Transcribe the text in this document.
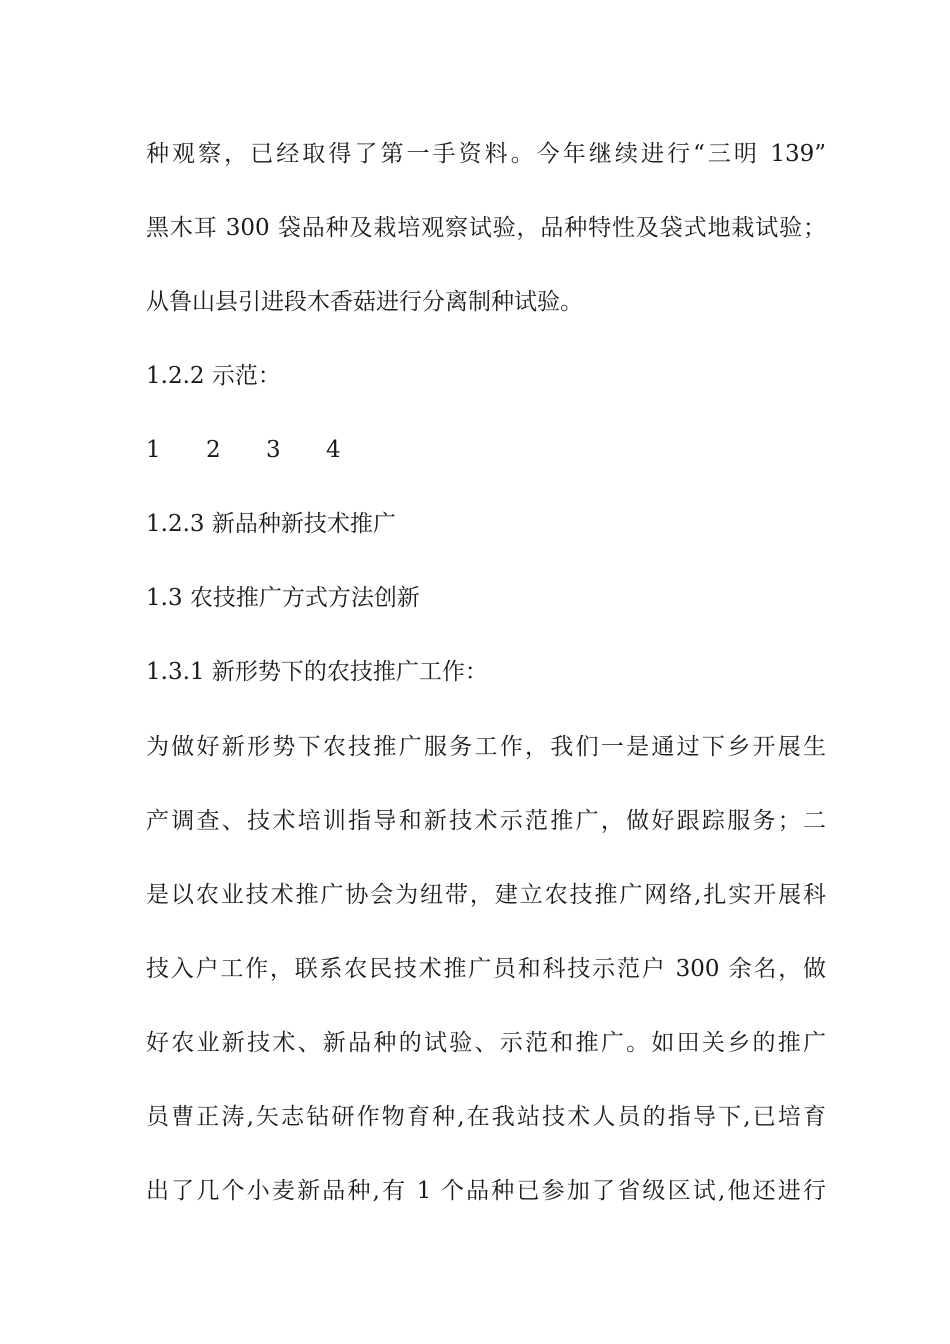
种观察，已经取得了第一手资料。今年继续进行“三明 139”
黑木耳 300 袋品种及栽培观察试验，品种特性及袋式地栽试验；
从鲁山县引进段木香菇进行分离制种试验。
1.2.2 示范：
1 2 3 4
1.2.3 新品种新技术推广
1.3 农技推广方式方法创新
1.3.1 新形势下的农技推广工作：
为做好新形势下农技推广服务工作，我们一是通过下乡开展生
产调查、技术培训指导和新技术示范推广，做好跟踪服务；二
是以农业技术推广协会为纽带，建立农技推广网络,扎实开展科
技入户工作，联系农民技术推广员和科技示范户 300 余名，做
好农业新技术、新品种的试验、示范和推广。如田关乡的推广
员曹正涛,矢志钻研作物育种,在我站技术人员的指导下,已培育
出了几个小麦新品种,有 1 个品种已参加了省级区试,他还进行
